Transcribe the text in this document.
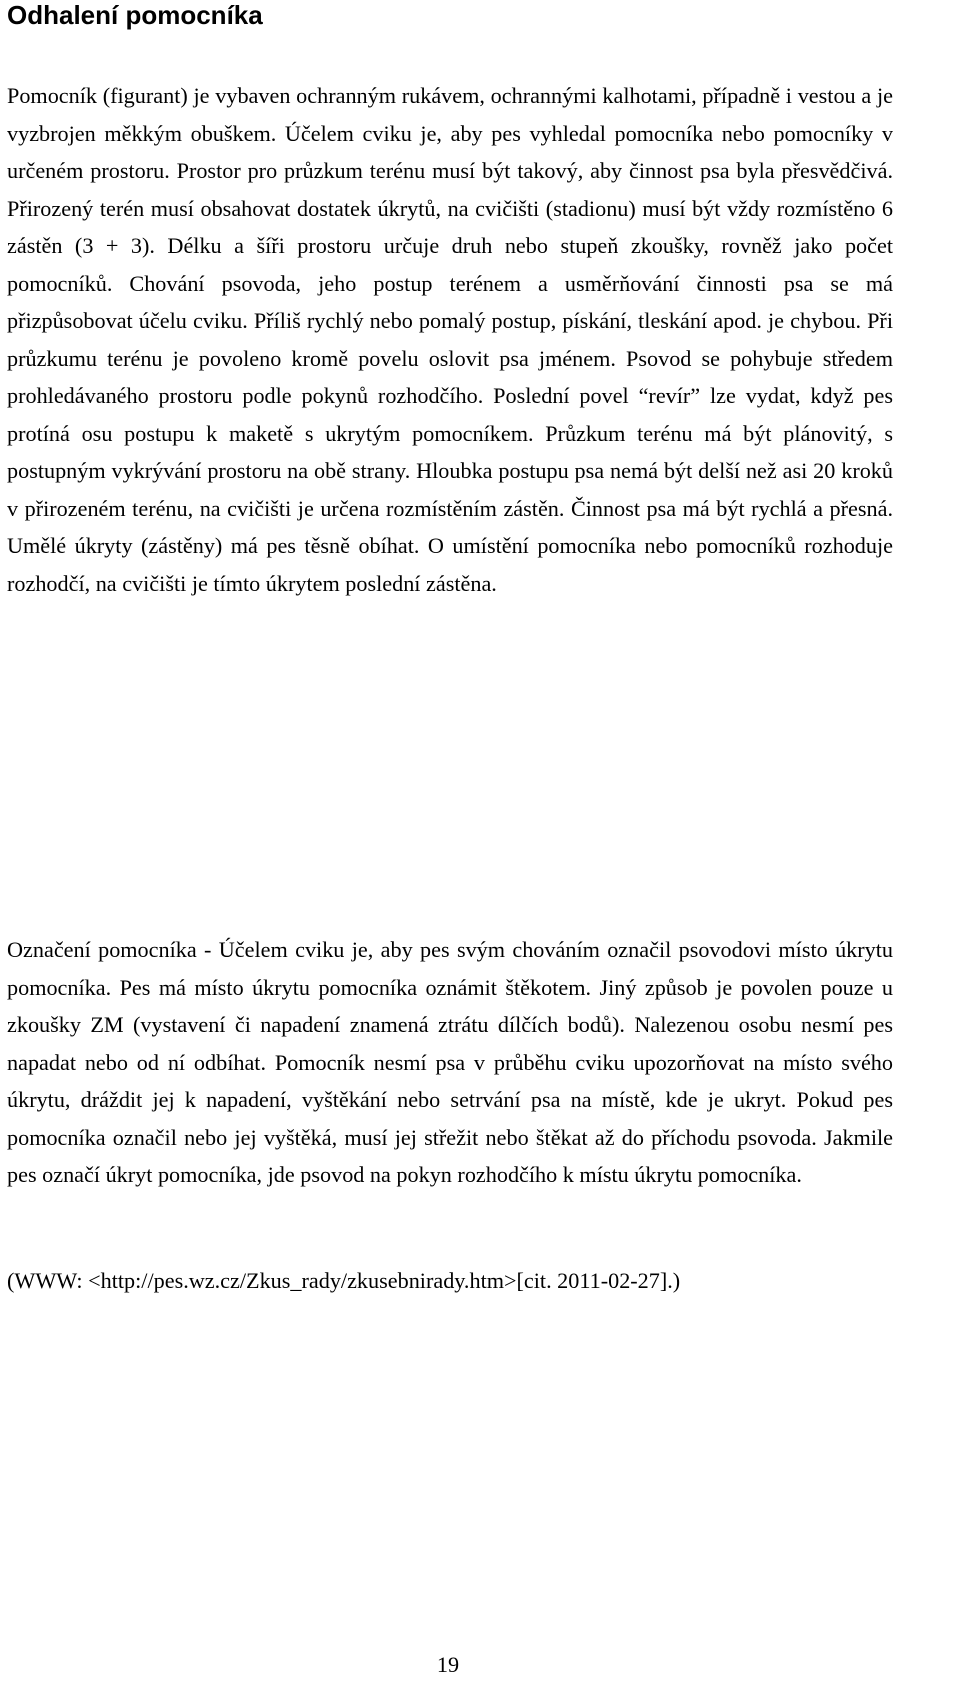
Odhalení pomocníka

Pomocník (figurant) je vybaven ochranným rukávem, ochrannými kalhotami, případně i vestou a je vyzbrojen měkkým obuškem. Účelem cviku je, aby pes vyhledal pomocníka nebo pomocníky v určeném prostoru. Prostor pro průzkum terénu musí být takový, aby činnost psa byla přesvědčivá. Přirozený terén musí obsahovat dostatek úkrytů, na cvičišti (stadionu) musí být vždy rozmístěno 6 zástěn (3 + 3). Délku a šíři prostoru určuje druh nebo stupeň zkoušky, rovněž jako počet pomocníků. Chování psovoda, jeho postup terénem a usměrňování činnosti psa se má přizpůsobovat účelu cviku. Příliš rychlý nebo pomalý postup, pískání, tleskání apod. je chybou. Při průzkumu terénu je povoleno kromě povelu oslovit psa jménem. Psovod se pohybuje středem prohledávaného prostoru podle pokynů rozhodčího. Poslední povel “revír” lze vydat, když pes protíná osu postupu k maketě s ukrytým pomocníkem. Průzkum terénu má být plánovitý, s postupným vykrývání prostoru na obě strany. Hloubka postupu psa nemá být delší než asi 20 kroků v přirozeném terénu, na cvičišti je určena rozmístěním zástěn. Činnost psa má být rychlá a přesná. Umělé úkryty (zástěny) má pes těsně obíhat. O umístění pomocníka nebo pomocníků rozhoduje rozhodčí, na cvičišti je tímto úkrytem poslední zástěna.

Označení pomocníka - Účelem cviku je, aby pes svým chováním označil psovodovi místo úkrytu pomocníka. Pes má místo úkrytu pomocníka oznámit štěkotem. Jiný způsob je povolen pouze u zkoušky ZM (vystavení či napadení znamená ztrátu dílčích bodů). Nalezenou osobu nesmí pes napadat nebo od ní odbíhat. Pomocník nesmí psa v průběhu cviku upozorňovat na místo svého úkrytu, dráždit jej k napadení, vyštěkání nebo setrvání psa na místě, kde je ukryt. Pokud pes pomocníka označil nebo jej vyštěká, musí jej střežit nebo štěkat až do příchodu psovoda. Jakmile pes označí úkryt pomocníka, jde psovod na pokyn rozhodčího k místu úkrytu pomocníka.

(WWW: <http://pes.wz.cz/Zkus_rady/zkusebnirady.htm>[cit. 2011-02-27].)

19
